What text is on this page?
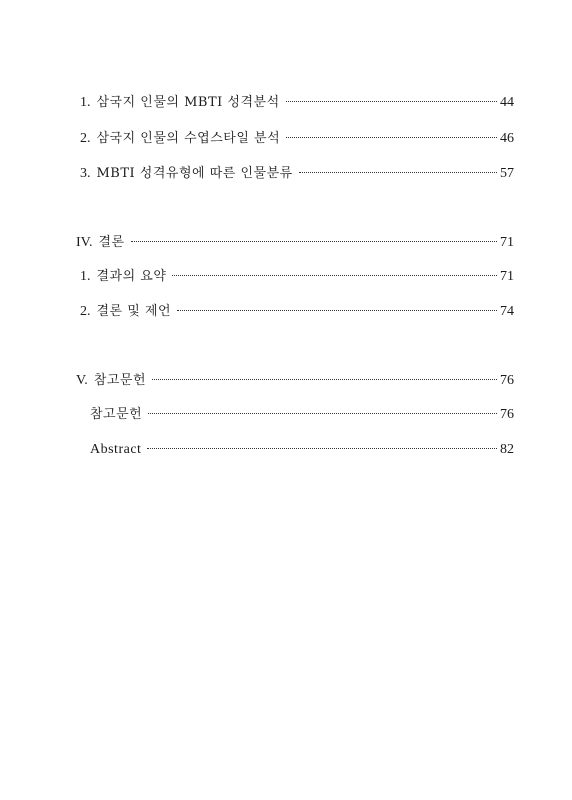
1. 삼국지 인물의 MBTI 성격분석	44
2. 삼국지 인물의 수엽스타일 분석	46
3. MBTI 성격유형에 따른 인물분류	57
IV. 결론	71
1. 결과의 요약	71
2. 결론 및 제언	74
V. 참고문헌	76
참고문헌	76
Abstract	82
